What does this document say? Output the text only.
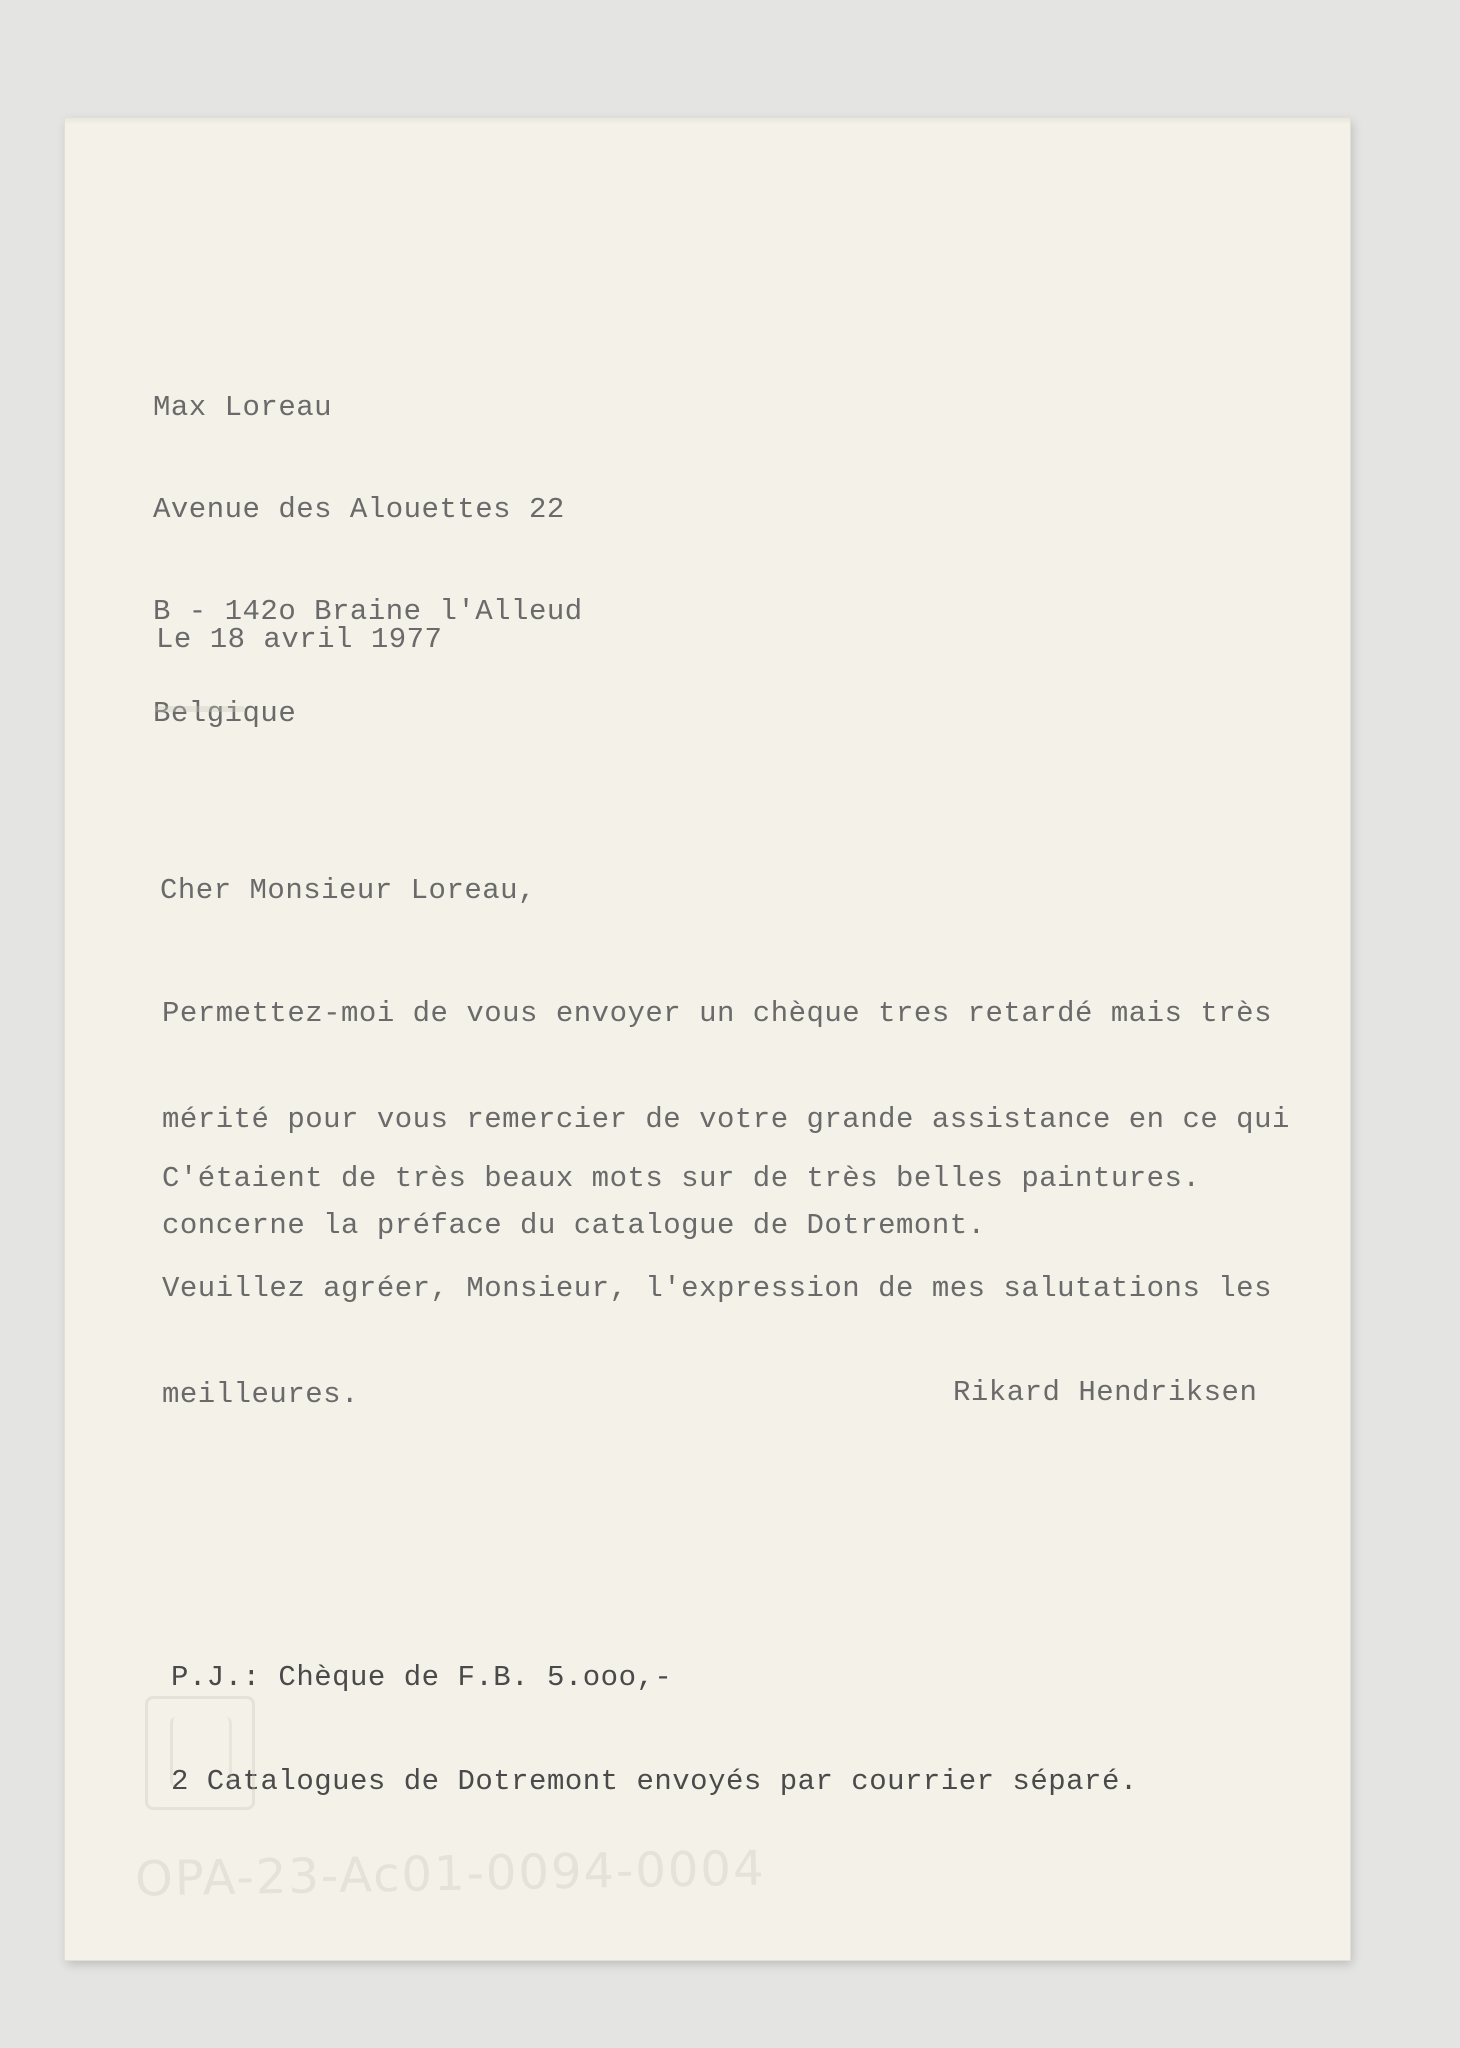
Max Loreau

Avenue des Alouettes 22

B - 142o Braine l'Alleud

Belgique

Le 18 avril 1977
Cher Monsieur Loreau,

Permettez-moi de vous envoyer un chèque tres retardé mais très

mérité pour vous remercier de votre grande assistance en ce qui

concerne la préface du catalogue de Dotremont.

C'étaient de très beaux mots sur de très belles paintures.

Veuillez agréer, Monsieur, l'expression de mes salutations les

meilleures.

	Rikard Hendriksen

P.J.: Chèque de F.B. 5.ooo,-

2 Catalogues de Dotremont envoyés par courrier séparé.

OPA-23-Ac01-0094-0004
